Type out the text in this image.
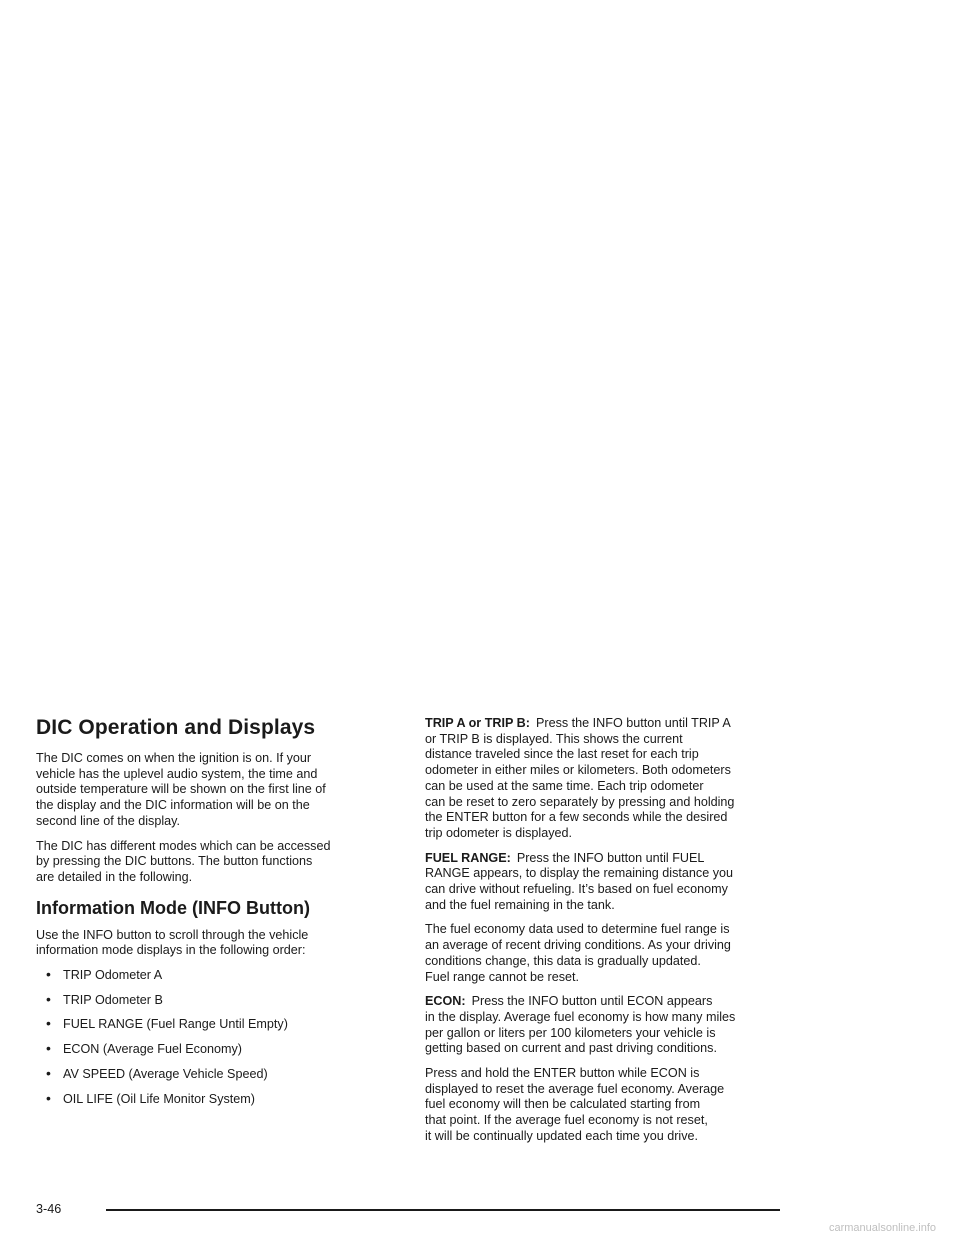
DIC Operation and Displays

The DIC comes on when the ignition is on. If your
vehicle has the uplevel audio system, the time and
outside temperature will be shown on the first line of
the display and the DIC information will be on the
second line of the display.

The DIC has different modes which can be accessed
by pressing the DIC buttons. The button functions
are detailed in the following.

Information Mode (INFO Button)

Use the INFO button to scroll through the vehicle
information mode displays in the following order:

• TRIP Odometer A
• TRIP Odometer B
• FUEL RANGE (Fuel Range Until Empty)
• ECON (Average Fuel Economy)
• AV SPEED (Average Vehicle Speed)
• OIL LIFE (Oil Life Monitor System)

TRIP A or TRIP B: Press the INFO button until TRIP A
or TRIP B is displayed. This shows the current
distance traveled since the last reset for each trip
odometer in either miles or kilometers. Both odometers
can be used at the same time. Each trip odometer
can be reset to zero separately by pressing and holding
the ENTER button for a few seconds while the desired
trip odometer is displayed.

FUEL RANGE: Press the INFO button until FUEL
RANGE appears, to display the remaining distance you
can drive without refueling. It’s based on fuel economy
and the fuel remaining in the tank.

The fuel economy data used to determine fuel range is
an average of recent driving conditions. As your driving
conditions change, this data is gradually updated.
Fuel range cannot be reset.

ECON: Press the INFO button until ECON appears
in the display. Average fuel economy is how many miles
per gallon or liters per 100 kilometers your vehicle is
getting based on current and past driving conditions.

Press and hold the ENTER button while ECON is
displayed to reset the average fuel economy. Average
fuel economy will then be calculated starting from
that point. If the average fuel economy is not reset,
it will be continually updated each time you drive.

3-46
carmanualsonline.info
